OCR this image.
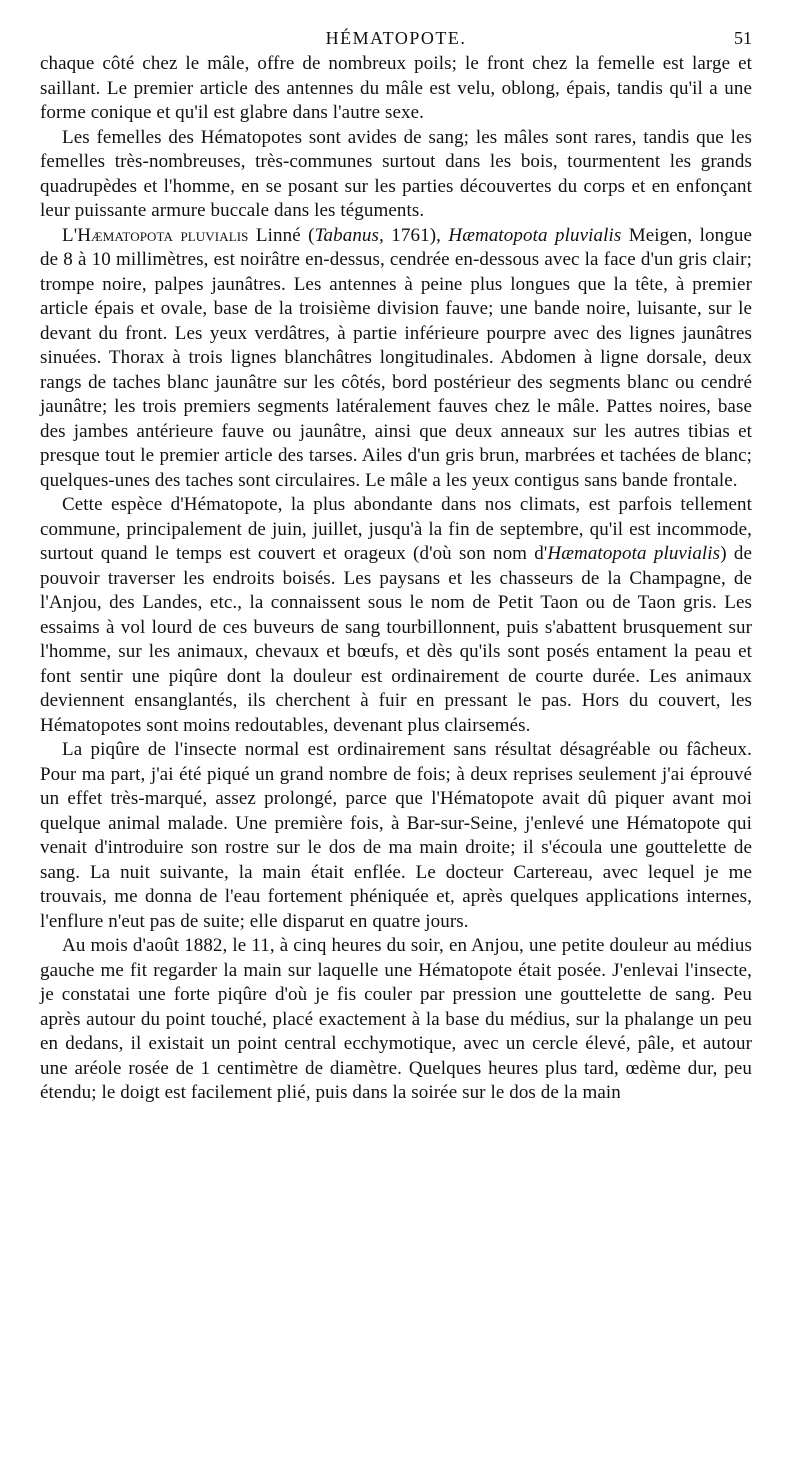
HÉMATOPOTE.	51

chaque côté chez le mâle, offre de nombreux poils; le front chez la femelle est large et saillant. Le premier article des antennes du mâle est velu, oblong, épais, tandis qu'il a une forme conique et qu'il est glabre dans l'autre sexe.

Les femelles des Hématopotes sont avides de sang; les mâles sont rares, tandis que les femelles très-nombreuses, très-communes surtout dans les bois, tourmentent les grands quadrupèdes et l'homme, en se posant sur les parties découvertes du corps et en enfonçant leur puissante armure buccale dans les téguments.

L'Hæmatopota pluvialis Linné (Tabanus, 1761), Hæmatopota pluvialis Meigen, longue de 8 à 10 millimètres, est noirâtre en-dessus, cendrée en-dessous avec la face d'un gris clair; trompe noire, palpes jaunâtres. Les antennes à peine plus longues que la tête, à premier article épais et ovale, base de la troisième division fauve; une bande noire, luisante, sur le devant du front. Les yeux verdâtres, à partie inférieure pourpre avec des lignes jaunâtres sinuées. Thorax à trois lignes blanchâtres longitudinales. Abdomen à ligne dorsale, deux rangs de taches blanc jaunâtre sur les côtés, bord postérieur des segments blanc ou cendré jaunâtre; les trois premiers segments latéralement fauves chez le mâle. Pattes noires, base des jambes antérieure fauve ou jaunâtre, ainsi que deux anneaux sur les autres tibias et presque tout le premier article des tarses. Ailes d'un gris brun, marbrées et tachées de blanc; quelques-unes des taches sont circulaires. Le mâle a les yeux contigus sans bande frontale.

Cette espèce d'Hématopote, la plus abondante dans nos climats, est parfois tellement commune, principalement de juin, juillet, jusqu'à la fin de septembre, qu'il est incommode, surtout quand le temps est couvert et orageux (d'où son nom d'Hæmatopota pluvialis) de pouvoir traverser les endroits boisés. Les paysans et les chasseurs de la Champagne, de l'Anjou, des Landes, etc., la connaissent sous le nom de Petit Taon ou de Taon gris. Les essaims à vol lourd de ces buveurs de sang tourbillonnent, puis s'abattent brusquement sur l'homme, sur les animaux, chevaux et bœufs, et dès qu'ils sont posés entament la peau et font sentir une piqûre dont la douleur est ordinairement de courte durée. Les animaux deviennent ensanglantés, ils cherchent à fuir en pressant le pas. Hors du couvert, les Hématopotes sont moins redoutables, devenant plus clairsemés.

La piqûre de l'insecte normal est ordinairement sans résultat désagréable ou fâcheux. Pour ma part, j'ai été piqué un grand nombre de fois; à deux reprises seulement j'ai éprouvé un effet très-marqué, assez prolongé, parce que l'Hématopote avait dû piquer avant moi quelque animal malade. Une première fois, à Bar-sur-Seine, j'enlevé une Hématopote qui venait d'introduire son rostre sur le dos de ma main droite; il s'écoula une gouttelette de sang. La nuit suivante, la main était enflée. Le docteur Cartereau, avec lequel je me trouvais, me donna de l'eau fortement phéniquée et, après quelques applications internes, l'enflure n'eut pas de suite; elle disparut en quatre jours.

Au mois d'août 1882, le 11, à cinq heures du soir, en Anjou, une petite douleur au médius gauche me fit regarder la main sur laquelle une Hématopote était posée. J'enlevai l'insecte, je constatai une forte piqûre d'où je fis couler par pression une gouttelette de sang. Peu après autour du point touché, placé exactement à la base du médius, sur la phalange un peu en dedans, il existait un point central ecchymotique, avec un cercle élevé, pâle, et autour une aréole rosée de 1 centimètre de diamètre. Quelques heures plus tard, œdème dur, peu étendu; le doigt est facilement plié, puis dans la soirée sur le dos de la main
